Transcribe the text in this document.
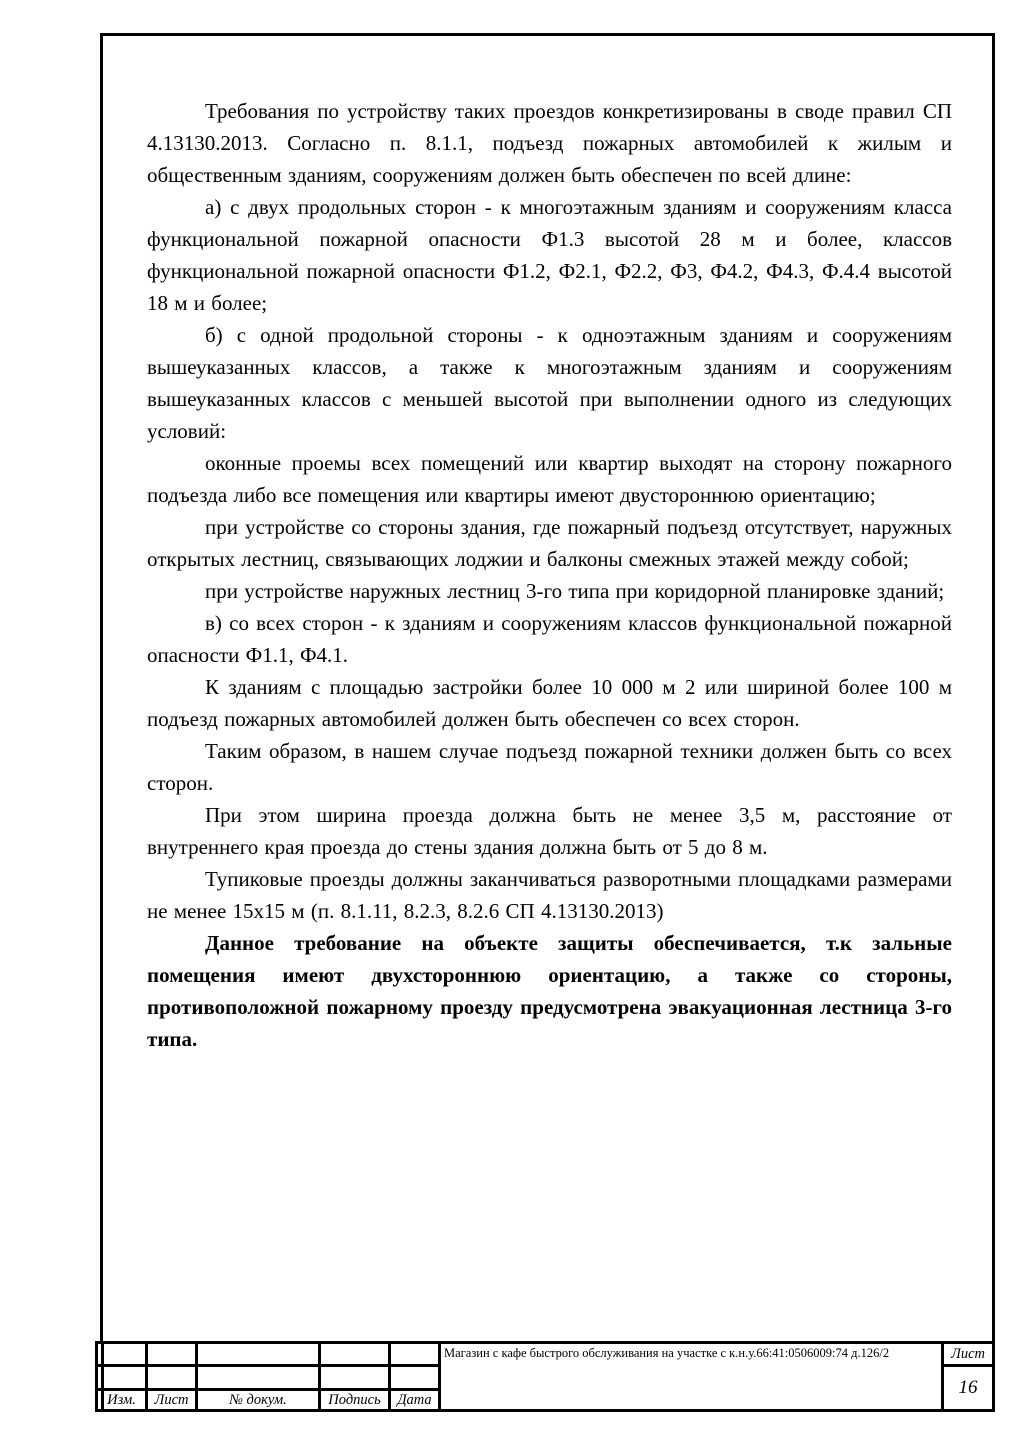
Требования по устройству таких проездов конкретизированы в своде правил СП 4.13130.2013. Согласно п. 8.1.1, подъезд пожарных автомобилей к жилым и общественным зданиям, сооружениям должен быть обеспечен по всей длине:

а) с двух продольных сторон - к многоэтажным зданиям и сооружениям класса функциональной пожарной опасности Ф1.3 высотой 28 м и более, классов функциональной пожарной опасности Ф1.2, Ф2.1, Ф2.2, Ф3, Ф4.2, Ф4.3, Ф.4.4 высотой 18 м и более;

б) с одной продольной стороны - к одноэтажным зданиям и сооружениям вышеуказанных классов, а также к многоэтажным зданиям и сооружениям вышеуказанных классов с меньшей высотой при выполнении одного из следующих условий:

оконные проемы всех помещений или квартир выходят на сторону пожарного подъезда либо все помещения или квартиры имеют двустороннюю ориентацию;

при устройстве со стороны здания, где пожарный подъезд отсутствует, наружных открытых лестниц, связывающих лоджии и балконы смежных этажей между собой;

при устройстве наружных лестниц 3-го типа при коридорной планировке зданий;

в) со всех сторон - к зданиям и сооружениям классов функциональной пожарной опасности Ф1.1, Ф4.1.

К зданиям с площадью застройки более 10 000 м 2 или шириной более 100 м подъезд пожарных автомобилей должен быть обеспечен со всех сторон.

Таким образом, в нашем случае подъезд пожарной техники должен быть со всех сторон.

При этом ширина проезда должна быть не менее 3,5 м, расстояние от внутреннего края проезда до стены здания должна быть от 5 до 8 м.

Тупиковые проезды должны заканчиваться разворотными площадками размерами не менее 15х15 м (п. 8.1.11, 8.2.3, 8.2.6 СП 4.13130.2013)

Данное требование на объекте защиты обеспечивается, т.к зальные помещения имеют двухстороннюю ориентацию, а также со стороны, противоположной пожарному проезду предусмотрена эвакуационная лестница 3-го типа.

Изм.	Лист	№ докум.	Подпись	Дата
Магазин с кафе быстрого обслуживания на участке с к.н.у.66:41:0506009:74 д.126/2	Лист
16
